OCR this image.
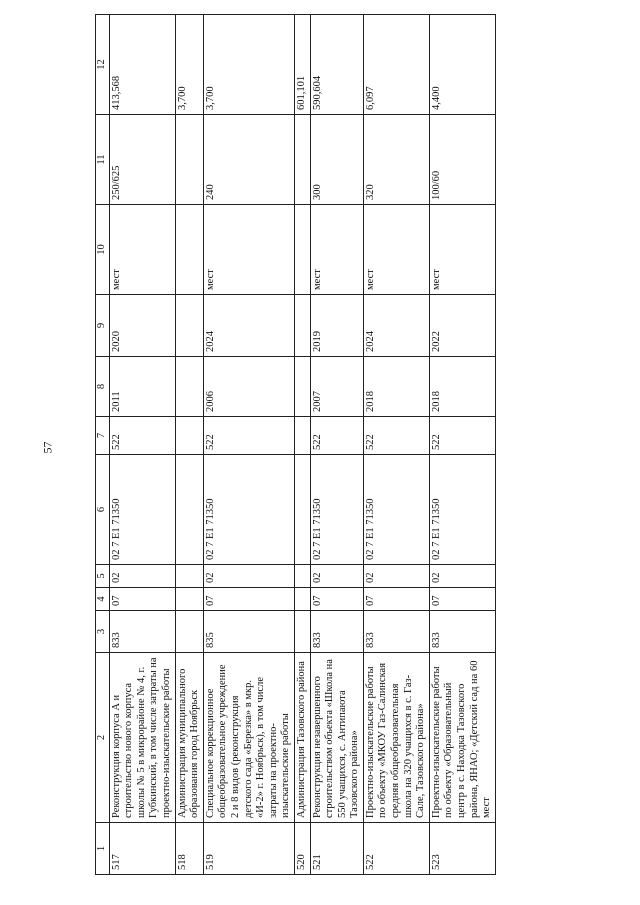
57
1	2	3	4	5	6	7	8	9	10	11	12
517	Реконструкция корпуса А и строительство нового корпуса школы № 5 в микрорайоне № 4, г. Губкинский, в том числе затраты на проектно-изыскательские работы	833	07	02	02 7 E1 71350	522	2011	2020	мест	250/625	413,568
518	Администрация муниципального образования город Ноябрьск										3,700
519	Специальное коррекционное общеобразовательное учреждение 2 и 8 видов (реконструкция детского сада «Березка» в мкр. «И-2» г. Ноябрьск), в том числе затраты на проектно-изыскательские работы	835	07	02	02 7 E1 71350	522	2006	2024	мест	240	3,700
520	Администрация Тазовского района										601,101
521	Реконструкция незавершенного строительством объекта «Школа на 550 учащихся, с. Антипаюта Тазовского района»	833	07	02	02 7 E1 71350	522	2007	2019	мест	300	590,604
522	Проектно-изыскательские работы по объекту «МКОУ Газ-Салинская средняя общеобразовательная школа на 320 учащихся в с. Газ-Сале, Тазовского района»	833	07	02	02 7 E1 71350	522	2018	2024	мест	320	6,097
523	Проектно-изыскательские работы по объекту «Образовательный центр в с. Находка Тазовского района, ЯНАО; «Детский сад на 60 мест	833	07	02	02 7 E1 71350	522	2018	2022	мест	100/60	4,400
